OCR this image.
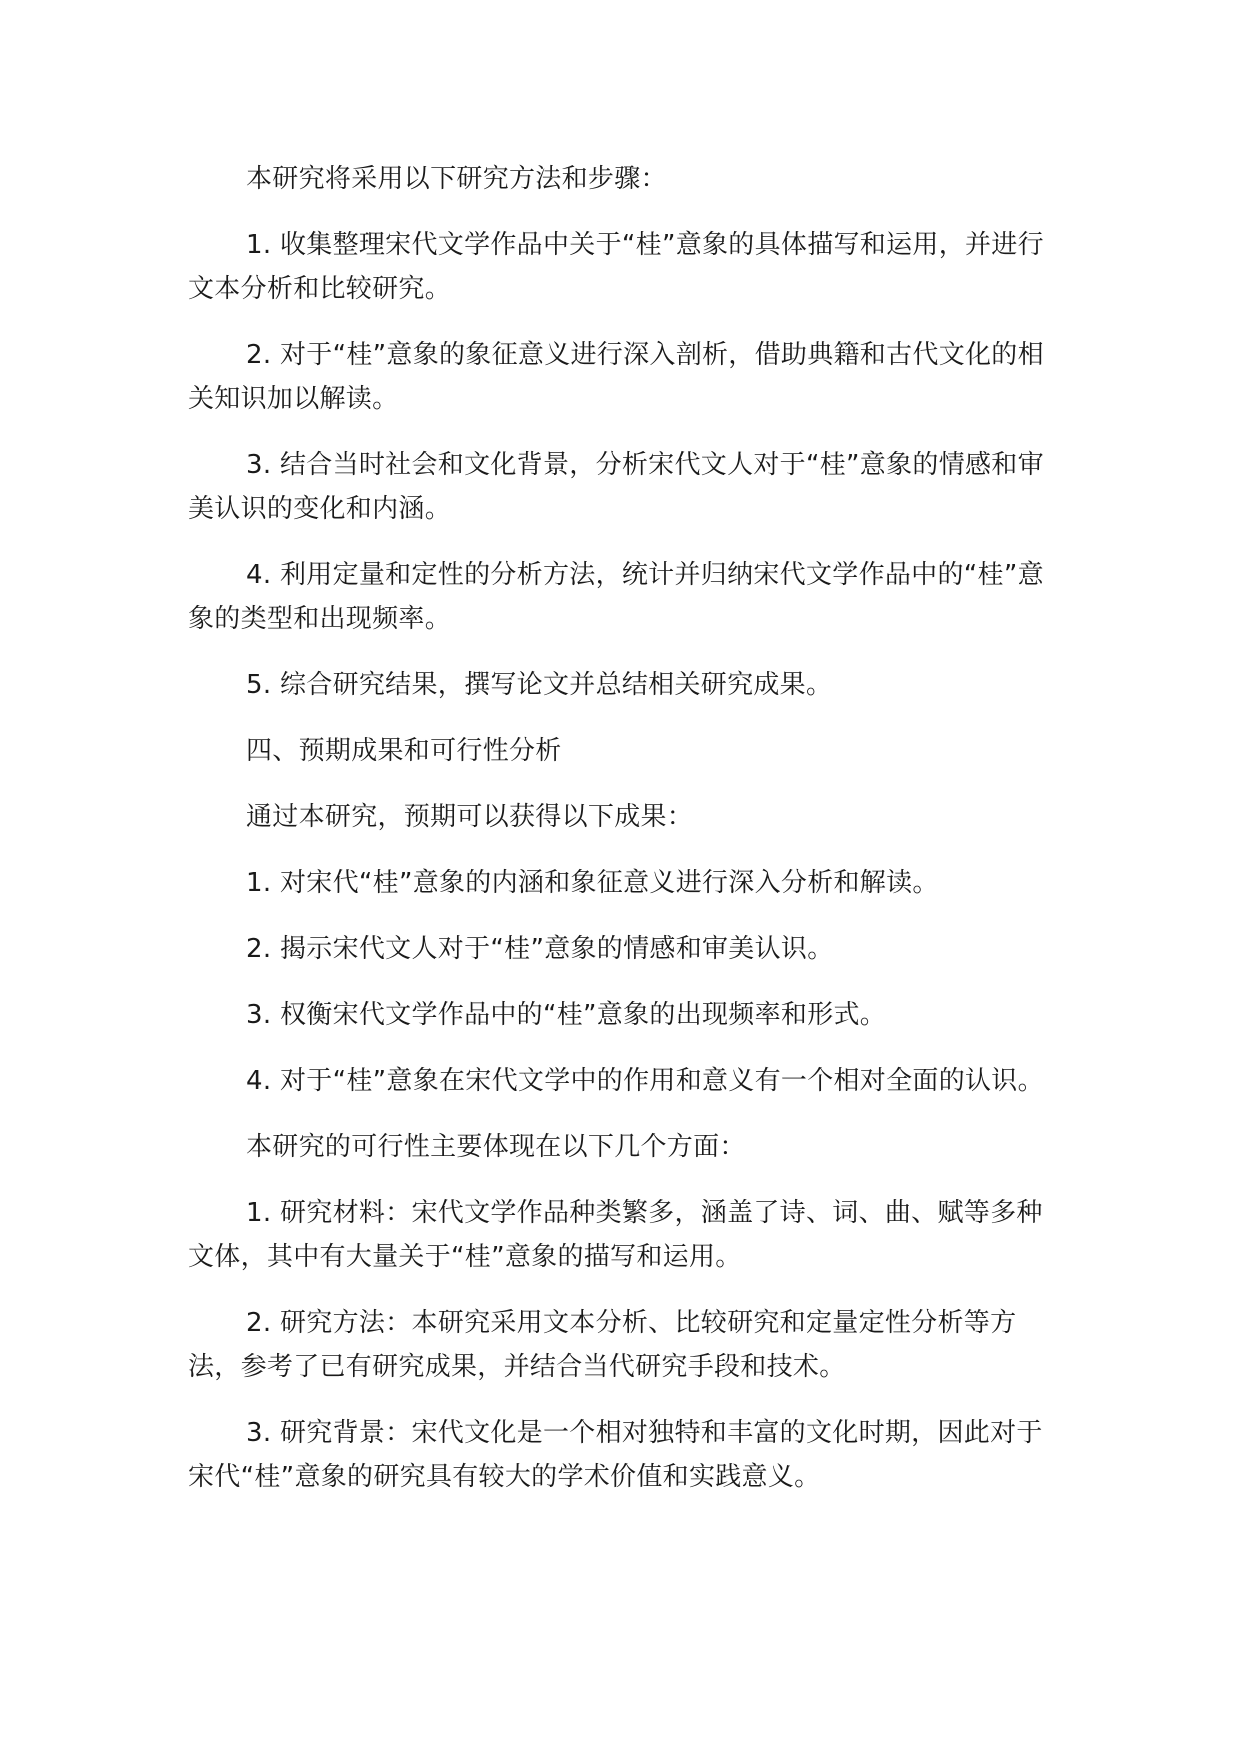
本研究将采用以下研究方法和步骤：

1. 收集整理宋代文学作品中关于“桂”意象的具体描写和运用，并进行文本分析和比较研究。

2. 对于“桂”意象的象征意义进行深入剖析，借助典籍和古代文化的相关知识加以解读。

3. 结合当时社会和文化背景，分析宋代文人对于“桂”意象的情感和审美认识的变化和内涵。

4. 利用定量和定性的分析方法，统计并归纳宋代文学作品中的“桂”意象的类型和出现频率。

5. 综合研究结果，撰写论文并总结相关研究成果。

四、预期成果和可行性分析

通过本研究，预期可以获得以下成果：

1. 对宋代“桂”意象的内涵和象征意义进行深入分析和解读。

2. 揭示宋代文人对于“桂”意象的情感和审美认识。

3. 权衡宋代文学作品中的“桂”意象的出现频率和形式。

4. 对于“桂”意象在宋代文学中的作用和意义有一个相对全面的认识。

本研究的可行性主要体现在以下几个方面：

1. 研究材料：宋代文学作品种类繁多，涵盖了诗、词、曲、赋等多种文体，其中有大量关于“桂”意象的描写和运用。

2. 研究方法：本研究采用文本分析、比较研究和定量定性分析等方法，参考了已有研究成果，并结合当代研究手段和技术。

3. 研究背景：宋代文化是一个相对独特和丰富的文化时期，因此对于宋代“桂”意象的研究具有较大的学术价值和实践意义。
